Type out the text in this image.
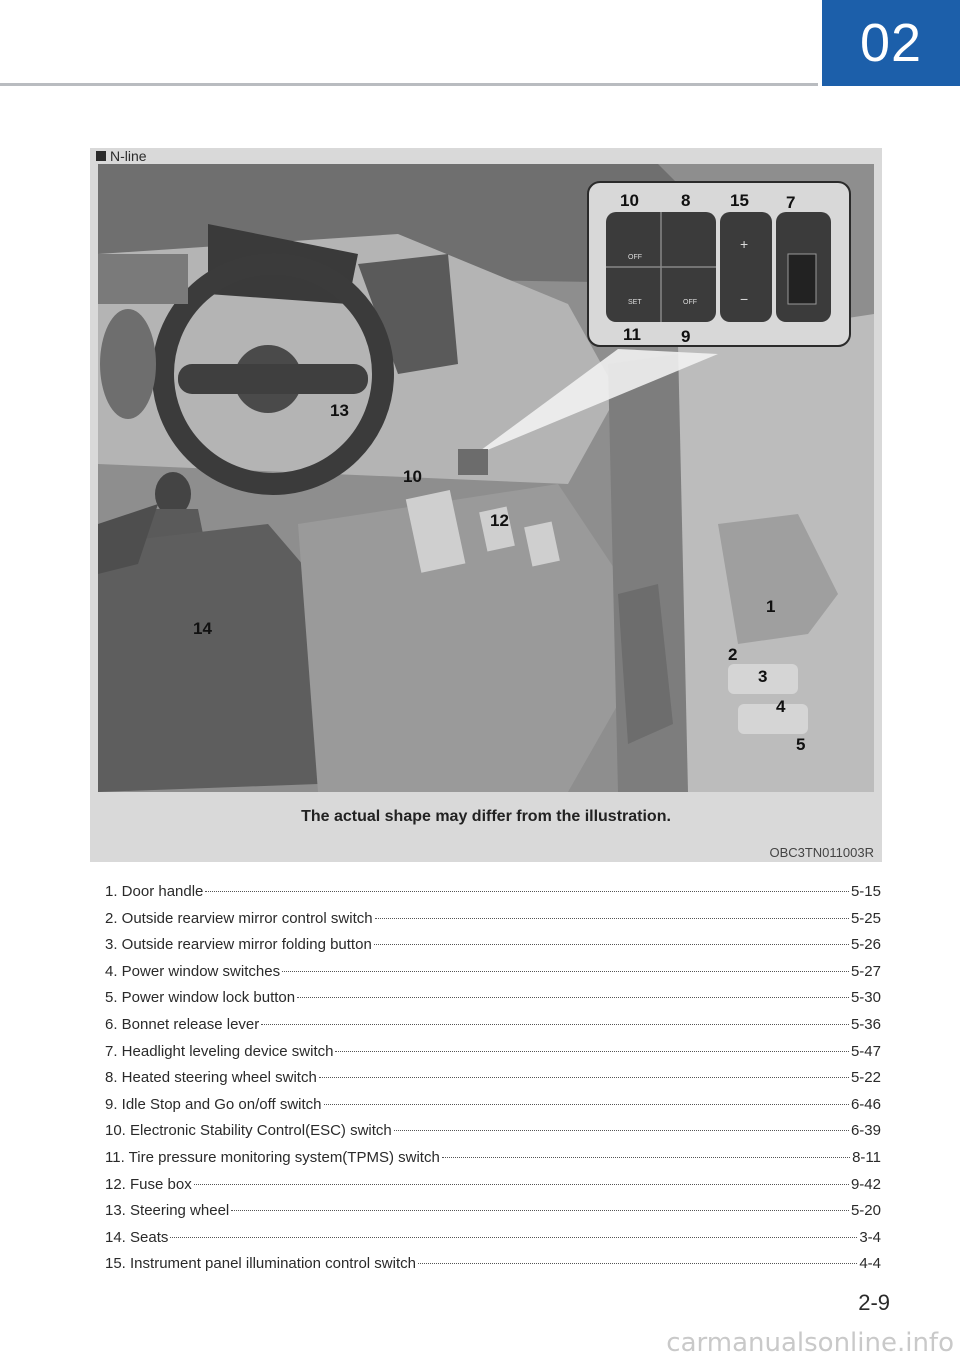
02
N-line
OFF
SET	OFF
+
−
10 8 15 7
11 9
13
10
12
14
1
2
3
4
5
The actual shape may differ from the illustration.
OBC3TN011003R
1. Door handle	5-15
2. Outside rearview mirror control switch	5-25
3. Outside rearview mirror folding button	5-26
4. Power window switches	5-27
5. Power window lock button	5-30
6. Bonnet release lever	5-36
7. Headlight leveling device switch	5-47
8. Heated steering wheel switch	5-22
9. Idle Stop and Go on/off switch	6-46
10. Electronic Stability Control(ESC) switch	6-39
11. Tire pressure monitoring system(TPMS) switch	8-11
12. Fuse box	9-42
13. Steering wheel	5-20
14. Seats	3-4
15. Instrument panel illumination control switch	4-4
2-9
carmanualsonline.info
